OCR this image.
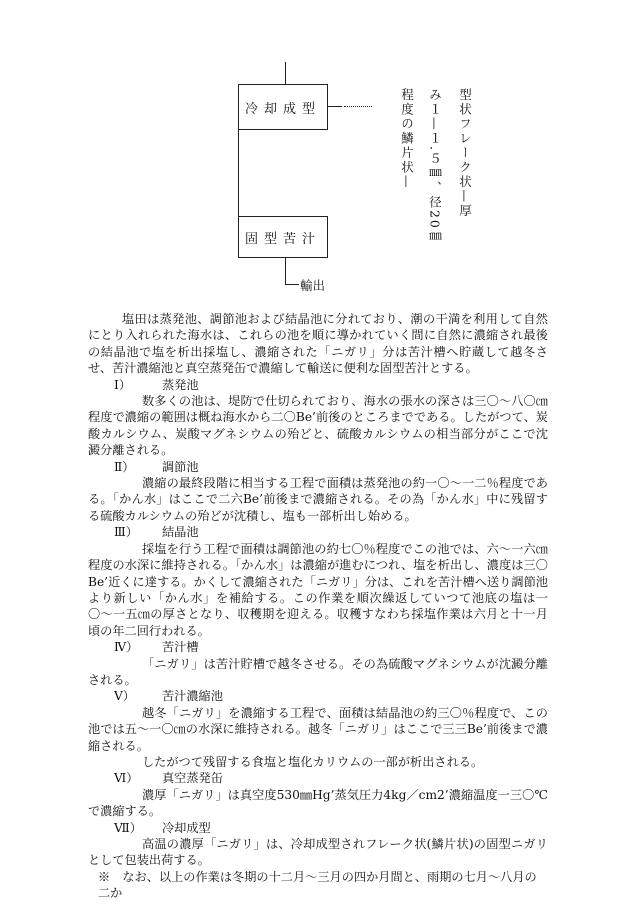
冷却成型
固型苦汁
輸出
型状フレーク状—厚
み１—１.５㎜、径20㎜
程度の鱗片状—

塩田は蒸発池、調節池および結晶池に分れており、潮の干満を利用して自然にとり入れられた海水は、これらの池を順に導かれていく間に自然に濃縮され最後の結晶池で塩を析出採塩し、濃縮された「ニガリ」分は苦汁槽へ貯蔵して越冬させ、苦汁濃縮池と真空蒸発缶で濃縮して輸送に便利な固型苦汁とする。

Ⅰ）	蒸発池

数多くの池は、堤防で仕切られており、海水の張水の深さは三〇〜八〇㎝程度で濃縮の範囲は概ね海水から二〇Be’前後のところまでである。したがつて、炭酸カルシウム、炭酸マグネシウムの殆どと、硫酸カルシウムの相当部分がここで沈澱分離される。

Ⅱ） 調節池

濃縮の最終段階に相当する工程で面積は蒸発池の約一〇〜一二％程度である。「かん水」はここで二六Be’前後まで濃縮される。その為「かん水」中に残留する硫酸カルシウムの殆どが沈積し、塩も一部析出し始める。

Ⅲ） 結晶池

採塩を行う工程で面積は調節池の約七〇％程度でこの池では、六〜一六㎝程度の水深に維持される。「かん水」は濃縮が進むにつれ、塩を析出し、濃度は三〇Be’近くに達する。かくして濃縮された「ニガリ」分は、これを苦汁槽へ送り調節池より新しい「かん水」を補給する。この作業を順次繰返していつて池底の塩は一〇〜一五㎝の厚さとなり、収穫期を迎える。収穫すなわち採塩作業は六月と十一月頃の年二回行われる。

Ⅳ） 苦汁槽

「ニガリ」は苦汁貯槽で越冬させる。その為硫酸マグネシウムが沈澱分離される。

Ⅴ） 苦汁濃縮池

越冬「ニガリ」を濃縮する工程で、面積は結晶池の約三〇％程度で、この池では五〜一〇㎝の水深に維持される。越冬「ニガリ」はここで三三Be’前後まで濃縮される。

したがつて残留する食塩と塩化カリウムの一部が析出される。

Ⅵ） 真空蒸発缶

濃厚「ニガリ」は真空度530㎜Hg’蒸気圧力4kg／cm2’濃縮温度一三〇℃で濃縮する。

Ⅶ） 冷却成型

高温の濃厚「ニガリ」は、冷却成型されフレーク状(鱗片状)の固型ニガリとして包装出荷する。

※　 なお、以上の作業は冬期の十二月〜三月の四か月間と、雨期の七月〜八月の二か
